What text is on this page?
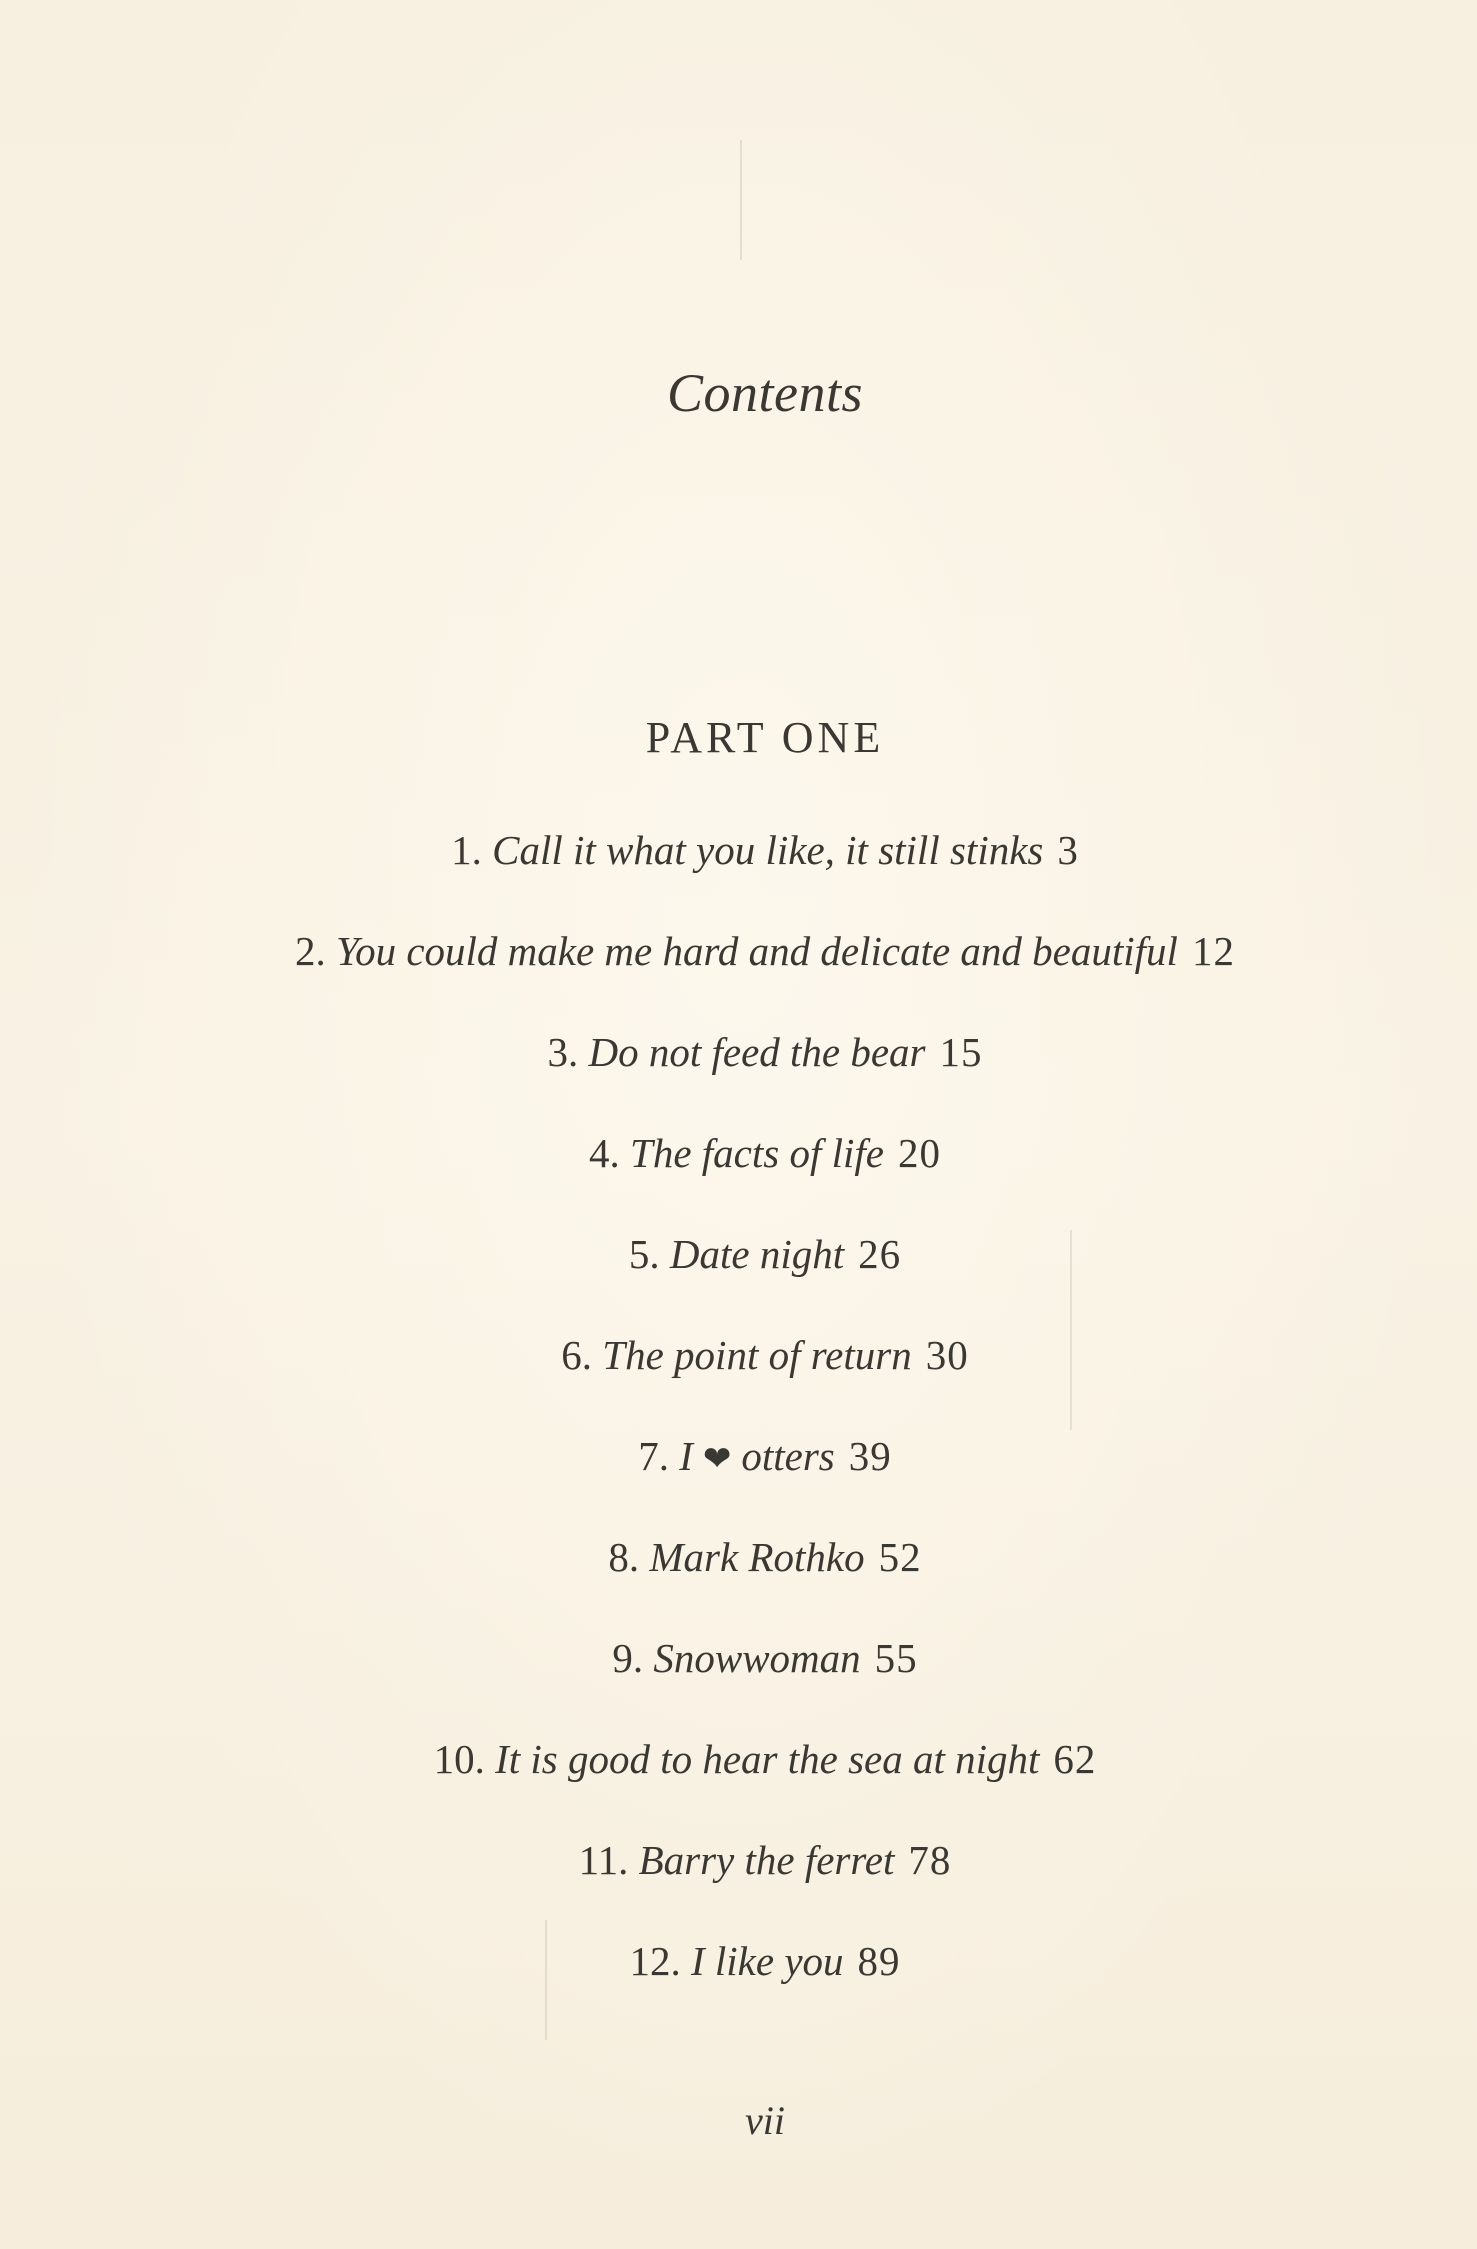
Contents
PART ONE
1. Call it what you like, it still stinks 3
2. You could make me hard and delicate and beautiful 12
3. Do not feed the bear 15
4. The facts of life 20
5. Date night 26
6. The point of return 30
7. I ❤ otters 39
8. Mark Rothko 52
9. Snowwoman 55
10. It is good to hear the sea at night 62
11. Barry the ferret 78
12. I like you 89
vii
